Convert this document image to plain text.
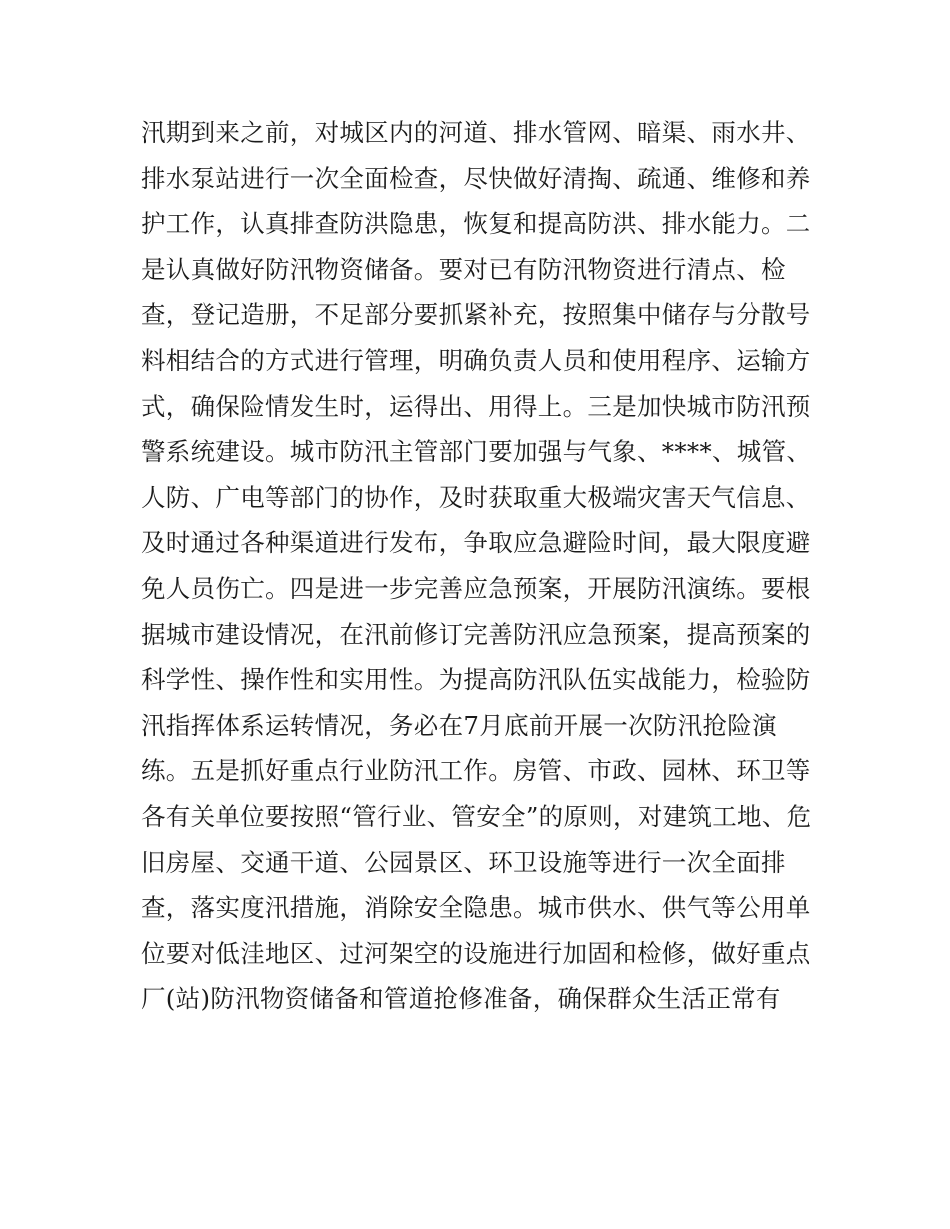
汛期到来之前，对城区内的河道、排水管网、暗渠、雨水井、
排水泵站进行一次全面检查，尽快做好清掏、疏通、维修和养
护工作，认真排查防洪隐患，恢复和提高防洪、排水能力。二
是认真做好防汛物资储备。要对已有防汛物资进行清点、检
查，登记造册，不足部分要抓紧补充，按照集中储存与分散号
料相结合的方式进行管理，明确负责人员和使用程序、运输方
式，确保险情发生时，运得出、用得上。三是加快城市防汛预
警系统建设。城市防汛主管部门要加强与气象、****、城管、
人防、广电等部门的协作，及时获取重大极端灾害天气信息、
及时通过各种渠道进行发布，争取应急避险时间，最大限度避
免人员伤亡。四是进一步完善应急预案，开展防汛演练。要根
据城市建设情况，在汛前修订完善防汛应急预案，提高预案的
科学性、操作性和实用性。为提高防汛队伍实战能力，检验防
汛指挥体系运转情况，务必在7月底前开展一次防汛抢险演
练。五是抓好重点行业防汛工作。房管、市政、园林、环卫等
各有关单位要按照“管行业、管安全”的原则，对建筑工地、危
旧房屋、交通干道、公园景区、环卫设施等进行一次全面排
查，落实度汛措施，消除安全隐患。城市供水、供气等公用单
位要对低洼地区、过河架空的设施进行加固和检修，做好重点
厂(站)防汛物资储备和管道抢修准备，确保群众生活正常有
